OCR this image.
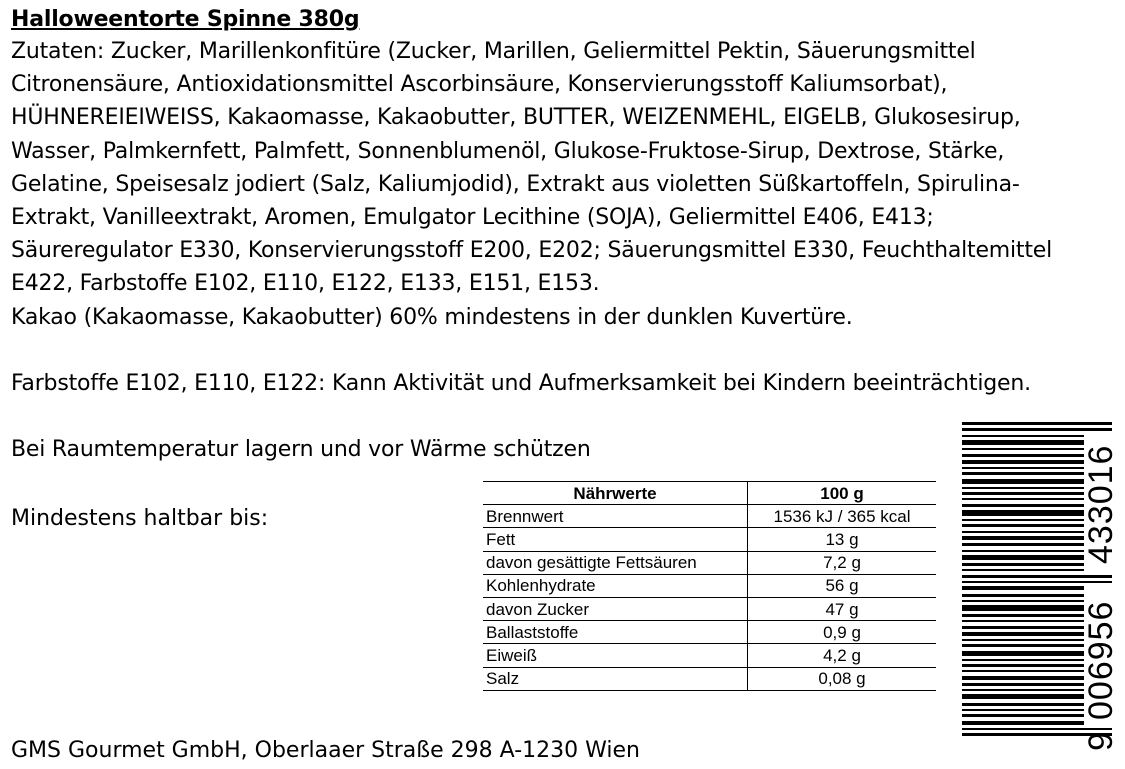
Halloweentorte Spinne 380g
Zutaten: Zucker, Marillenkonfitüre (Zucker, Marillen, Geliermittel Pektin, Säuerungsmittel
Citronensäure, Antioxidationsmittel Ascorbinsäure, Konservierungsstoff Kaliumsorbat),
HÜHNEREIEIWEISS, Kakaomasse, Kakaobutter, BUTTER, WEIZENMEHL, EIGELB, Glukosesirup,
Wasser, Palmkernfett, Palmfett, Sonnenblumenöl, Glukose-Fruktose-Sirup, Dextrose, Stärke,
Gelatine, Speisesalz jodiert (Salz, Kaliumjodid), Extrakt aus violetten Süßkartoffeln, Spirulina-
Extrakt, Vanilleextrakt, Aromen, Emulgator Lecithine (SOJA), Geliermittel E406, E413;
Säureregulator E330, Konservierungsstoff E200, E202; Säuerungsmittel E330, Feuchthaltemittel
E422, Farbstoffe E102, E110, E122, E133, E151, E153.
Kakao (Kakaomasse, Kakaobutter) 60% mindestens in der dunklen Kuvertüre.
Farbstoffe E102, E110, E122: Kann Aktivität und Aufmerksamkeit bei Kindern beeinträchtigen.
Bei Raumtemperatur lagern und vor Wärme schützen
Mindestens haltbar bis:
Nährwerte	100 g
Brennwert	1536 kJ / 365 kcal
Fett	13 g
davon gesättigte Fettsäuren	7,2 g
Kohlenhydrate	56 g
davon Zucker	47 g
Ballaststoffe	0,9 g
Eiweiß	4,2 g
Salz	0,08 g
9
006956
433016
GMS Gourmet GmbH, Oberlaaer Straße 298 A-1230 Wien
